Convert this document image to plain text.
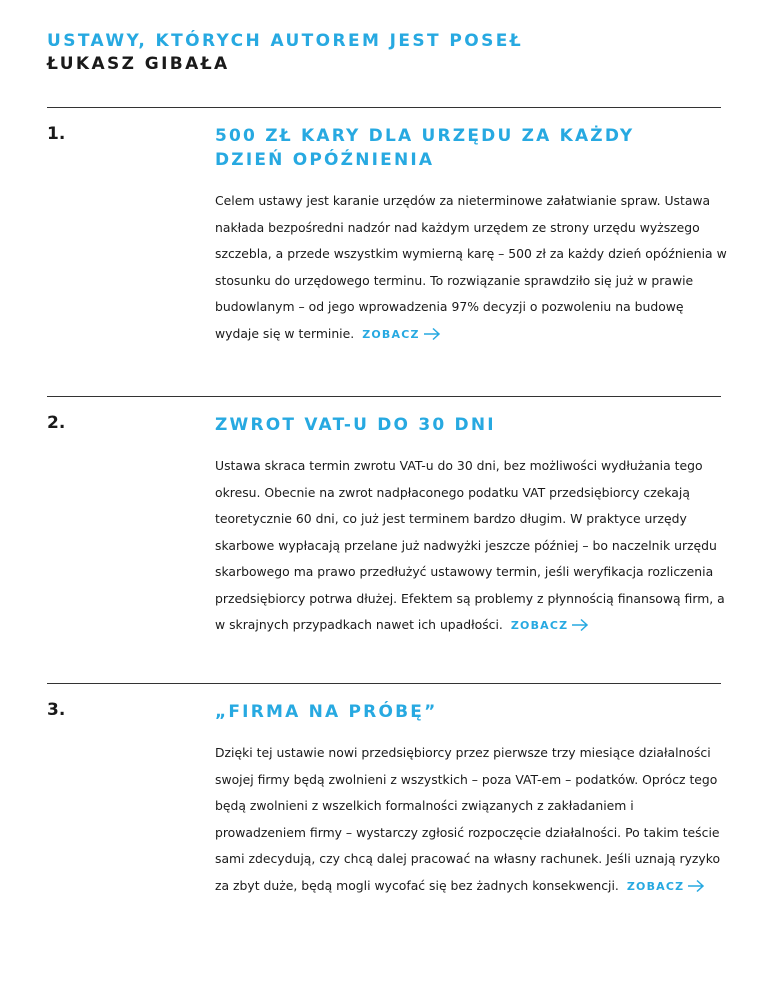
USTAWY, KTÓRYCH AUTOREM JEST POSEŁ
ŁUKASZ GIBAŁA
1.	500 ZŁ KARY DLA URZĘDU ZA KAŻDY DZIEŃ OPÓŹNIENIA
Celem ustawy jest karanie urzędów za nieterminowe załatwianie spraw. Ustawa nakłada bezpośredni nadzór nad każdym urzędem ze strony urzędu wyższego szczebla, a przede wszystkim wymierną karę – 500 zł za każdy dzień opóźnienia w stosunku do urzędowego terminu. To rozwiązanie sprawdziło się już w prawie budowlanym – od jego wprowadzenia 97% decyzji o pozwoleniu na budowę wydaje się w terminie. ZOBACZ
2.	ZWROT VAT-U DO 30 DNI
Ustawa skraca termin zwrotu VAT-u do 30 dni, bez możliwości wydłużania tego okresu. Obecnie na zwrot nadpłaconego podatku VAT przedsiębiorcy czekają teoretycznie 60 dni, co już jest terminem bardzo długim. W praktyce urzędy skarbowe wypłacają przelane już nadwyżki jeszcze później – bo naczelnik urzędu skarbowego ma prawo przedłużyć ustawowy termin, jeśli weryfikacja rozliczenia przedsiębiorcy potrwa dłużej. Efektem są problemy z płynnością finansową firm, a w skrajnych przypadkach nawet ich upadłości. ZOBACZ
3.	„FIRMA NA PRÓBĘ”
Dzięki tej ustawie nowi przedsiębiorcy przez pierwsze trzy miesiące działalności swojej firmy będą zwolnieni z wszystkich – poza VAT-em – podatków. Oprócz tego będą zwolnieni z wszelkich formalności związanych z zakładaniem i prowadzeniem firmy – wystarczy zgłosić rozpoczęcie działalności. Po takim teście sami zdecydują, czy chcą dalej pracować na własny rachunek. Jeśli uznają ryzyko za zbyt duże, będą mogli wycofać się bez żadnych konsekwencji. ZOBACZ
